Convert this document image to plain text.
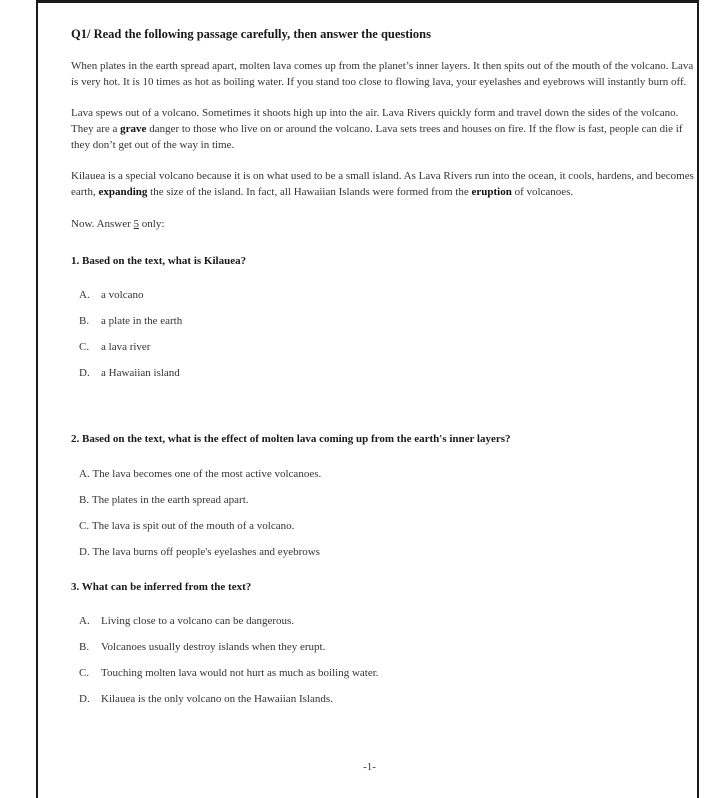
Q1/ Read the following passage carefully, then answer the questions

When plates in the earth spread apart, molten lava comes up from the planet’s inner layers. It then spits out of the mouth of the volcano. Lava is very hot. It is 10 times as hot as boiling water. If you stand too close to flowing lava, your eyelashes and eyebrows will instantly burn off.

Lava spews out of a volcano. Sometimes it shoots high up into the air. Lava Rivers quickly form and travel down the sides of the volcano. They are a grave danger to those who live on or around the volcano. Lava sets trees and houses on fire. If the flow is fast, people can die if they don’t get out of the way in time.

Kilauea is a special volcano because it is on what used to be a small island. As Lava Rivers run into the ocean, it cools, hardens, and becomes earth, expanding the size of the island. In fact, all Hawaiian Islands were formed from the eruption of volcanoes.

Now. Answer 5 only:

1. Based on the text, what is Kilauea?
A.	a volcano
B.	a plate in the earth
C.	a lava river
D.	a Hawaiian island
2. Based on the text, what is the effect of molten lava coming up from the earth's inner layers?
A.
The lava becomes one of the most active volcanoes.
B.
The plates in the earth spread apart.
C.
The lava is spit out of the mouth of a volcano.
D.
The lava burns off people's eyelashes and eyebrows
3. What can be inferred from the text?
A.	Living close to a volcano can be dangerous.
B.	Volcanoes usually destroy islands when they erupt.
C.	Touching molten lava would not hurt as much as boiling water.
D.	Kilauea is the only volcano on the Hawaiian Islands.
-1-
